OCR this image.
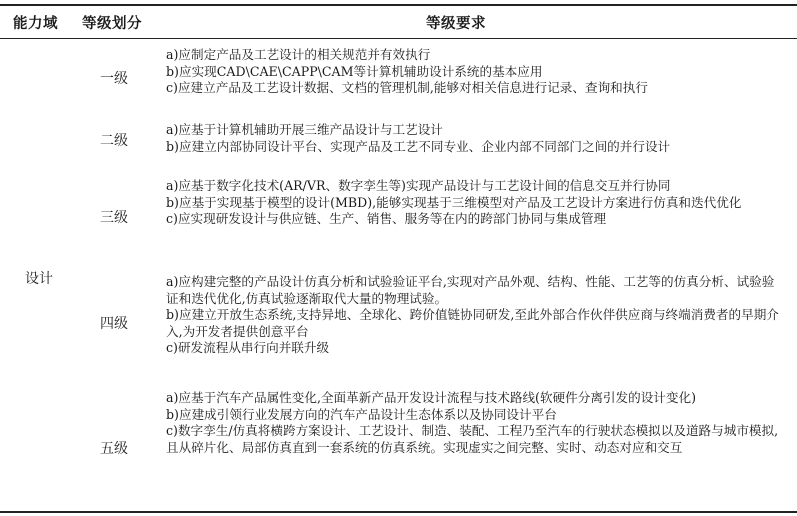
能力域 等级划分	等级要求
设计
一级
a)应制定产品及工艺设计的相关规范并有效执行
b)应实现CAD\CAE\CAPP\CAM等计算机辅助设计系统的基本应用
c)应建立产品及工艺设计数据、文档的管理机制,能够对相关信息进行记录、查询和执行
二级
a)应基于计算机辅助开展三维产品设计与工艺设计
b)应建立内部协同设计平台、实现产品及工艺不同专业、企业内部不同部门之间的并行设计
三级
a)应基于数字化技术(AR/VR、数字孪生等)实现产品设计与工艺设计间的信息交互并行协同
b)应基于实现基于模型的设计(MBD),能够实现基于三维模型对产品及工艺设计方案进行仿真和迭代优化
c)应实现研发设计与供应链、生产、销售、服务等在内的跨部门协同与集成管理
四级
a)应构建完整的产品设计仿真分析和试验验证平台,实现对产品外观、结构、性能、工艺等的仿真分析、试验验证和迭代优化,仿真试验逐渐取代大量的物理试验。
b)应建立开放生态系统,支持异地、全球化、跨价值链协同研发,至此外部合作伙伴供应商与终端消费者的早期介入,为开发者提供创意平台
c)研发流程从串行向并联升级
五级
a)应基于汽车产品属性变化,全面革新产品开发设计流程与技术路线(软硬件分离引发的设计变化)
b)应建成引领行业发展方向的汽车产品设计生态体系以及协同设计平台
c)数字孪生/仿真将横跨方案设计、工艺设计、制造、装配、工程乃至汽车的行驶状态模拟以及道路与城市模拟,且从碎片化、局部仿真直到一套系统的仿真系统。实现虚实之间完整、实时、动态对应和交互
